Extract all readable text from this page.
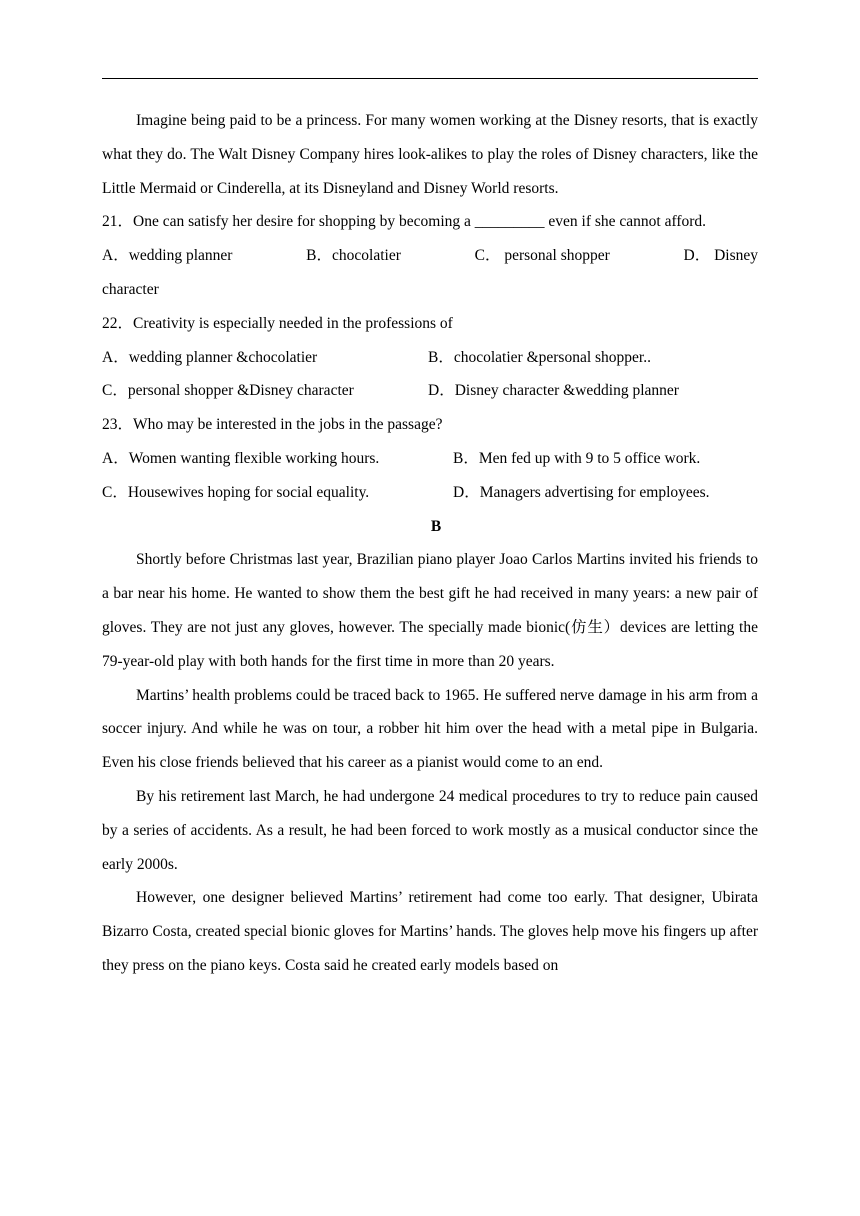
Imagine being paid to be a princess. For many women working at the Disney resorts, that is exactly what they do. The Walt Disney Company hires look-alikes to play the roles of Disney characters, like the Little Mermaid or Cinderella, at its Disneyland and Disney World resorts.

21．One can satisfy her desire for shopping by becoming a _________ even if she cannot afford.

A．wedding planner	B．chocolatier	C． personal shopper	D． Disney

character

22．Creativity is especially needed in the professions of

A．wedding planner &chocolatier	B．chocolatier &personal shopper..
C．personal shopper &Disney character	D．Disney character &wedding planner

23．Who may be interested in the jobs in the passage?

A．Women wanting flexible working hours.	B．Men fed up with 9 to 5 office work.
C．Housewives hoping for social equality.	D．Managers advertising for employees.

B

Shortly before Christmas last year, Brazilian piano player Joao Carlos Martins invited his friends to a bar near his home. He wanted to show them the best gift he had received in many years: a new pair of gloves. They are not just any gloves, however. The specially made bionic(仿生）devices are letting the 79-year-old play with both hands for the first time in more than 20 years.

Martins’ health problems could be traced back to 1965. He suffered nerve damage in his arm from a soccer injury. And while he was on tour, a robber hit him over the head with a metal pipe in Bulgaria. Even his close friends believed that his career as a pianist would come to an end.

By his retirement last March, he had undergone 24 medical procedures to try to reduce pain caused by a series of accidents. As a result, he had been forced to work mostly as a musical conductor since the early 2000s.

However, one designer believed Martins’ retirement had come too early. That designer, Ubirata Bizarro Costa, created special bionic gloves for Martins’ hands. The gloves help move his fingers up after they press on the piano keys. Costa said he created early models based on
